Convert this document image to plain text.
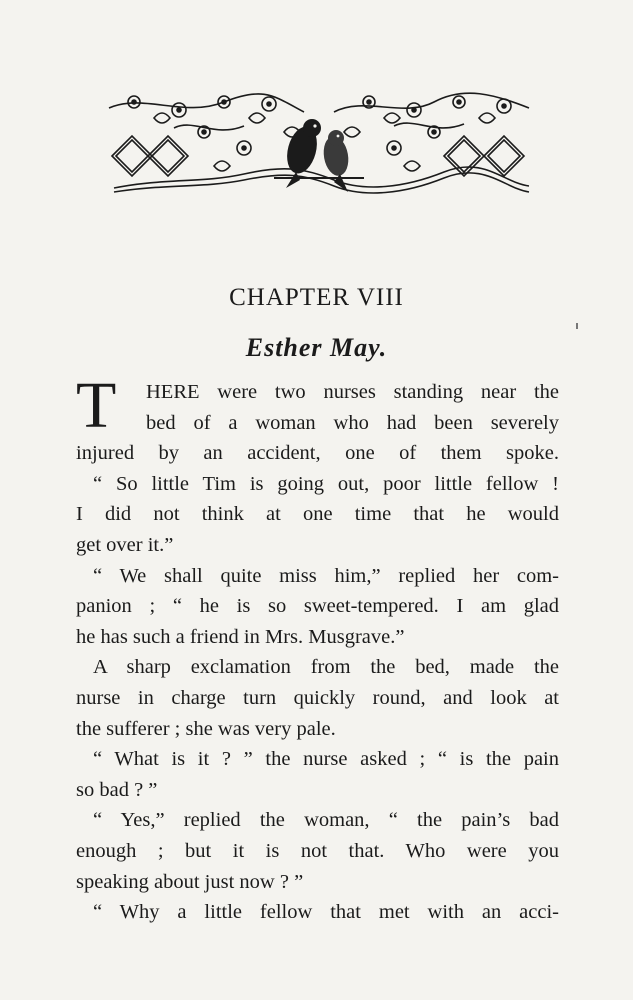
CHAPTER VIII
Esther May.
T	HERE were two nurses standing near the
bed of a woman who had been severely
injured by an accident, one of them spoke.
“ So little Tim is going out, poor little fellow !
I did not think at one time that he would
get over it.”
“ We shall quite miss him,” replied her com-
panion ; “ he is so sweet-tempered. I am glad
he has such a friend in Mrs. Musgrave.”
A sharp exclamation from the bed, made the
nurse in charge turn quickly round, and look at
the sufferer ; she was very pale.
“ What is it ? ” the nurse asked ; “ is the pain
so bad ? ”
“ Yes,” replied the woman, “ the pain’s bad
enough ; but it is not that. Who were you
speaking about just now ? ”
“ Why a little fellow that met with an acci-
